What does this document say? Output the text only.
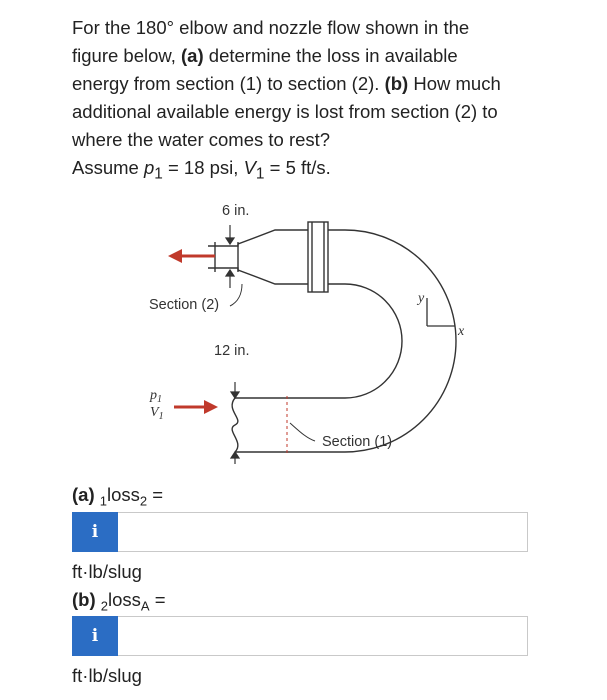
For the 180° elbow and nozzle flow shown in the

figure below, (a) determine the loss in available

energy from section (1) to section (2). (b) How much

additional available energy is lost from section (2) to

where the water comes to rest?

Assume $p_1 = 18$ psi, $V_1 = 5$ ft/s.

6 in.
Section (2)
12 in.
Section (1)
$p_1$
$V_1$
y
x
(a) $_1$loss$_2$ =
i
ft·lb/slug
(b) $_2$loss$_A$ =
i
ft·lb/slug
